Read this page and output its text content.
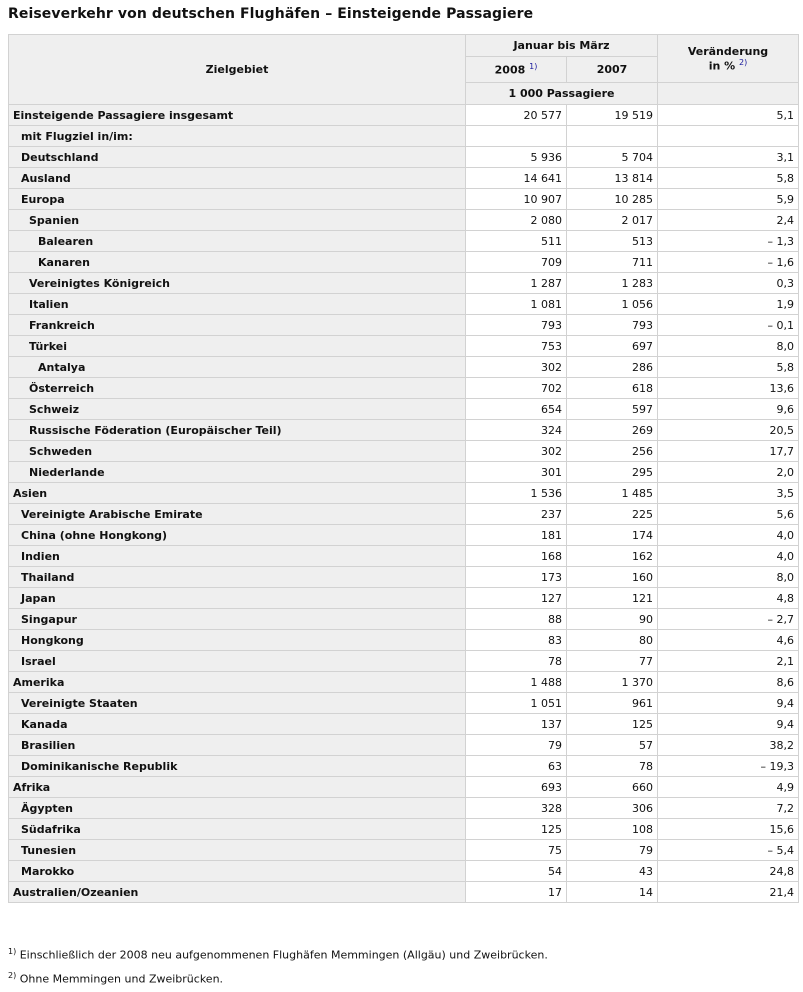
Reiseverkehr von deutschen Flughäfen – Einsteigende Passagiere
Zielgebiet	Januar bis März		Veränderung
in % $^{2)}$
	2008 $^{1)}$	2007	
	1 000 Passagiere		
Einsteigende Passagiere insgesamt	20 577	19 519	5,1
mit Flugziel in/im:			
Deutschland	5 936	5 704	3,1
Ausland	14 641	13 814	5,8
Europa	10 907	10 285	5,9
Spanien	2 080	2 017	2,4
Balearen	511	513	– 1,3
Kanaren	709	711	– 1,6
Vereinigtes Königreich	1 287	1 283	0,3
Italien	1 081	1 056	1,9
Frankreich	793	793	– 0,1
Türkei	753	697	8,0
Antalya	302	286	5,8
Österreich	702	618	13,6
Schweiz	654	597	9,6
Russische Föderation (Europäischer Teil)	324	269	20,5
Schweden	302	256	17,7
Niederlande	301	295	2,0
Asien	1 536	1 485	3,5
Vereinigte Arabische Emirate	237	225	5,6
China (ohne Hongkong)	181	174	4,0
Indien	168	162	4,0
Thailand	173	160	8,0
Japan	127	121	4,8
Singapur	88	90	– 2,7
Hongkong	83	80	4,6
Israel	78	77	2,1
Amerika	1 488	1 370	8,6
Vereinigte Staaten	1 051	961	9,4
Kanada	137	125	9,4
Brasilien	79	57	38,2
Dominikanische Republik	63	78	– 19,3
Afrika	693	660	4,9
Ägypten	328	306	7,2
Südafrika	125	108	15,6
Tunesien	75	79	– 5,4
Marokko	54	43	24,8
Australien/Ozeanien	17	14	21,4
$^{1)}$ Einschließlich der 2008 neu aufgenommenen Flughäfen Memmingen (Allgäu) und Zweibrücken.
$^{2)}$ Ohne Memmingen und Zweibrücken.
